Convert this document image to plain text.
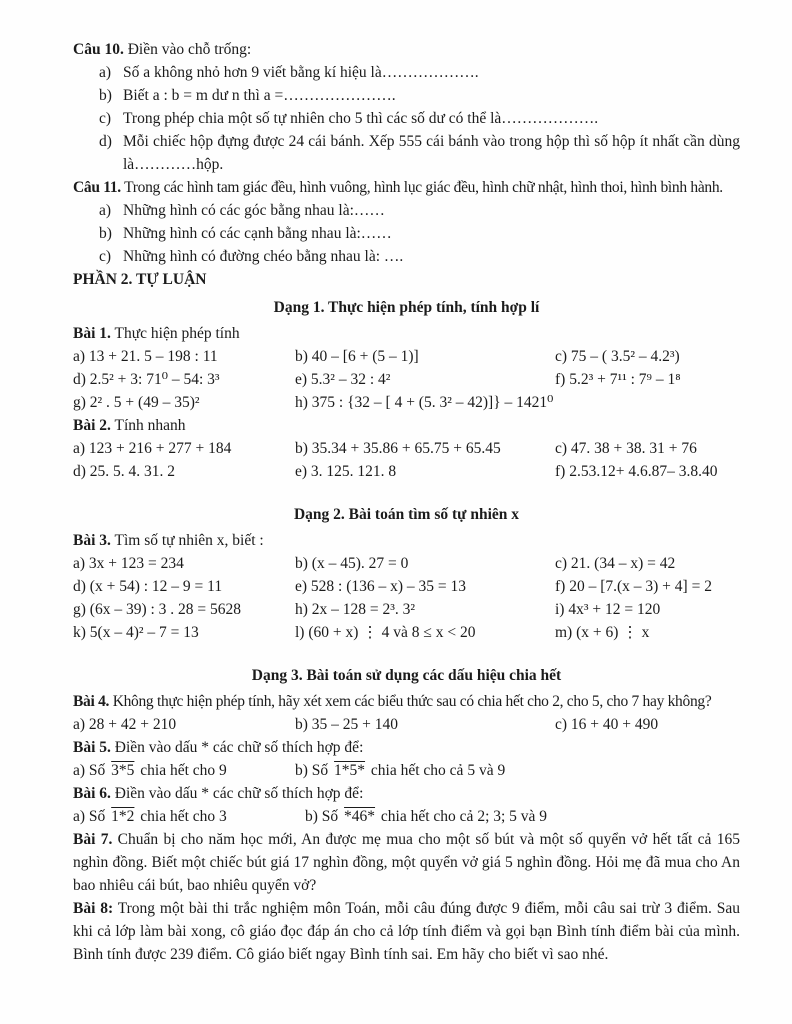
Câu 10. Điền vào chỗ trống:

a) Số a không nhỏ hơn 9 viết bằng kí hiệu là……………….
b) Biết a : b = m dư n thì a =………………….
c) Trong phép chia một số tự nhiên cho 5 thì các số dư có thể là……………….
d) Mỗi chiếc hộp đựng được 24 cái bánh. Xếp 555 cái bánh vào trong hộp thì số hộp ít nhất cần dùng là…………hộp.

Câu 11. Trong các hình tam giác đều, hình vuông, hình lục giác đều, hình chữ nhật, hình thoi, hình bình hành.

a) Những hình có các góc bằng nhau là:……
b) Những hình có các cạnh bằng nhau là:……
c) Những hình có đường chéo bằng nhau là: ….

PHẦN 2. TỰ LUẬN

Dạng 1. Thực hiện phép tính, tính hợp lí

Bài 1. Thực hiện phép tính

a) 13 + 21. 5 – 198 : 11	b) 40 – [6 + (5 – 1)]	c) 75 – ( 3.5² – 4.2³)
d) 2.5² + 3: 71⁰ – 54: 3³	e) 5.3² – 32 : 4²	f) 5.2³ + 7¹¹ : 7⁹ – 1⁸
g) 2² . 5 + (49 – 35)²	h) 375 : {32 – [ 4 + (5. 3² – 42)]} – 1421⁰

Bài 2. Tính nhanh

a) 123 + 216 + 277 + 184	b) 35.34 + 35.86 + 65.75 + 65.45	c) 47. 38 + 38. 31 + 76
d) 25. 5. 4. 31. 2	e) 3. 125. 121. 8	f) 2.53.12+ 4.6.87– 3.8.40

Dạng 2. Bài toán tìm số tự nhiên x

Bài 3. Tìm số tự nhiên x, biết :

a) 3x + 123 = 234	b) (x – 45). 27 = 0	c) 21. (34 – x) = 42
d) (x + 54) : 12 – 9 = 11	e) 528 : (136 – x) – 35 = 13	f) 20 – [7.(x – 3) + 4] = 2
g) (6x – 39) : 3 . 28 = 5628	h) 2x – 128 = 2³. 3²	i) 4x³ + 12 = 120
k) 5(x – 4)² – 7 = 13	l) (60 + x) ⋮ 4 và 8 ≤ x < 20	m) (x + 6) ⋮ x

Dạng 3. Bài toán sử dụng các dấu hiệu chia hết

Bài 4. Không thực hiện phép tính, hãy xét xem các biểu thức sau có chia hết cho 2, cho 5, cho 7 hay không?

a) 28 + 42 + 210	b) 35 – 25 + 140	c) 16 + 40 + 490

Bài 5. Điền vào dấu * các chữ số thích hợp để:

a) Số 3*5 chia hết cho 9	b) Số 1*5* chia hết cho cả 5 và 9

Bài 6. Điền vào dấu * các chữ số thích hợp để:

a) Số 1*2 chia hết cho 3	b) Số *46* chia hết cho cả 2; 3; 5 và 9

Bài 7. Chuẩn bị cho năm học mới, An được mẹ mua cho một số bút và một số quyển vở hết tất cả 165 nghìn đồng. Biết một chiếc bút giá 17 nghìn đồng, một quyển vở giá 5 nghìn đồng. Hỏi mẹ đã mua cho An bao nhiêu cái bút, bao nhiêu quyển vở?

Bài 8: Trong một bài thi trắc nghiệm môn Toán, mỗi câu đúng được 9 điểm, mỗi câu sai trừ 3 điểm. Sau khi cả lớp làm bài xong, cô giáo đọc đáp án cho cả lớp tính điểm và gọi bạn Bình tính điểm bài của mình. Bình tính được 239 điểm. Cô giáo biết ngay Bình tính sai. Em hãy cho biết vì sao nhé.
